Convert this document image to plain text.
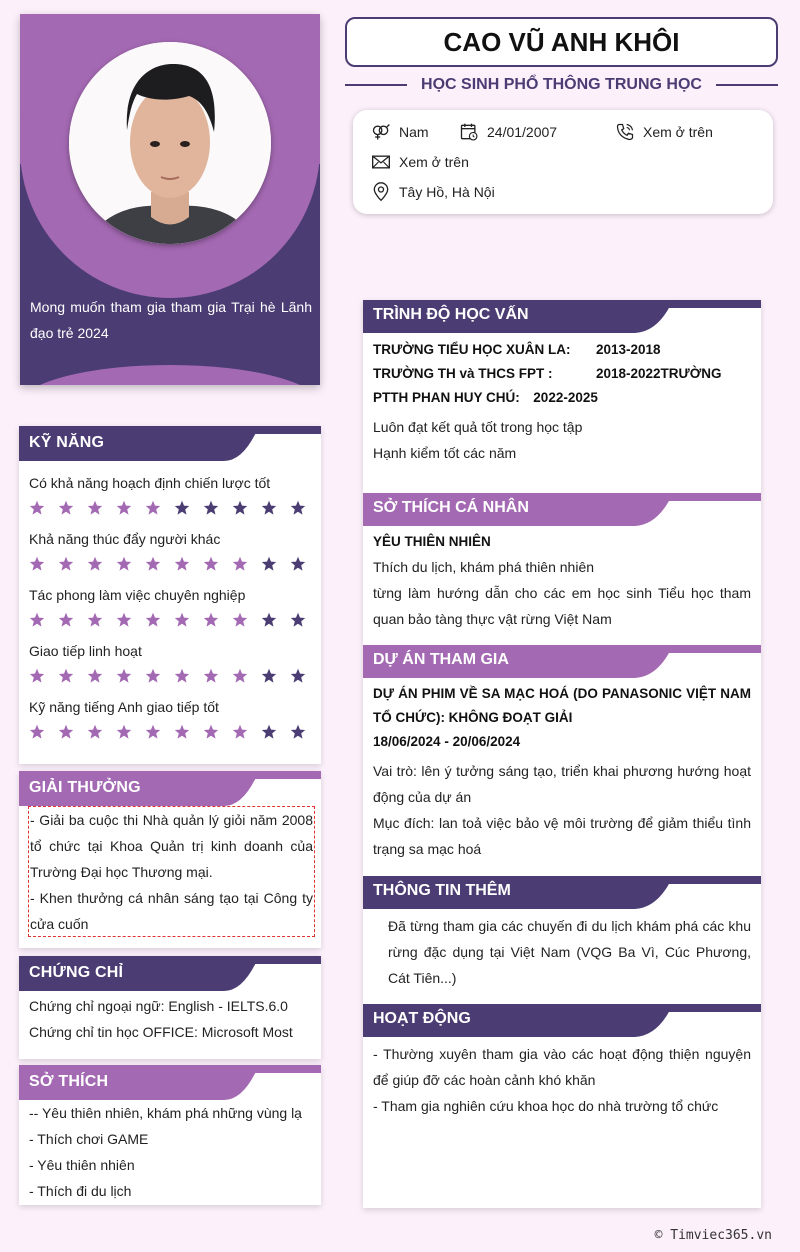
Mong muốn tham gia tham gia Trại hè Lãnh đạo trẻ 2024
KỸ NĂNG
Có khả năng hoạch định chiến lược tốt
Khả năng thúc đẩy người khác
Tác phong làm việc chuyên nghiệp
Giao tiếp linh hoạt
Kỹ năng tiếng Anh giao tiếp tốt
GIẢI THƯỞNG
- Giải ba cuộc thi Nhà quản lý giỏi năm 2008 tổ chức tại Khoa Quản trị kinh doanh của Trường Đại học Thương mại.
- Khen thưởng cá nhân sáng tạo tại Công ty cửa cuốn
CHỨNG CHỈ
Chứng chỉ ngoại ngữ: English - IELTS.6.0
Chứng chỉ tin học OFFICE: Microsoft Most
SỞ THÍCH
-- Yêu thiên nhiên, khám phá những vùng lạ
- Thích chơi GAME
- Yêu thiên nhiên
- Thích đi du lịch
CAO VŨ ANH KHÔI
HỌC SINH PHỔ THÔNG TRUNG HỌC
Nam	24/01/2007	Xem ở trên
Xem ở trên
Tây Hồ, Hà Nội
TRÌNH ĐỘ HỌC VẤN
TRƯỜNG TIỂU HỌC XUÂN LA: 2013-2018
TRƯỜNG TH và THCS FPT :	2018-2022TRƯỜNG
PTTH PHAN HUY CHÚ: 2022-2025
Luôn đạt kết quả tốt trong học tập
Hạnh kiểm tốt các năm
SỞ THÍCH CÁ NHÂN
YÊU THIÊN NHIÊN
Thích du lịch, khám phá thiên nhiên
từng làm hướng dẫn cho các em học sinh Tiểu học tham quan bảo tàng thực vật rừng Việt Nam
DỰ ÁN THAM GIA
DỰ ÁN PHIM VỀ SA MẠC HOÁ (DO PANASONIC VIỆT NAM TỔ CHỨC): KHÔNG ĐOẠT GIẢI
18/06/2024 - 20/06/2024
Vai trò: lên ý tưởng sáng tạo, triển khai phương hướng hoạt động của dự án
Mục đích: lan toả việc bảo vệ môi trường để giảm thiểu tình trạng sa mạc hoá
THÔNG TIN THÊM
Đã từng tham gia các chuyến đi du lịch khám phá các khu rừng đặc dụng tại Việt Nam (VQG Ba Vì, Cúc Phương, Cát Tiên...)
HOẠT ĐỘNG
- Thường xuyên tham gia vào các hoạt động thiện nguyện để giúp đỡ các hoàn cảnh khó khăn
- Tham gia nghiên cứu khoa học do nhà trường tổ chức
© Timviec365.vn
